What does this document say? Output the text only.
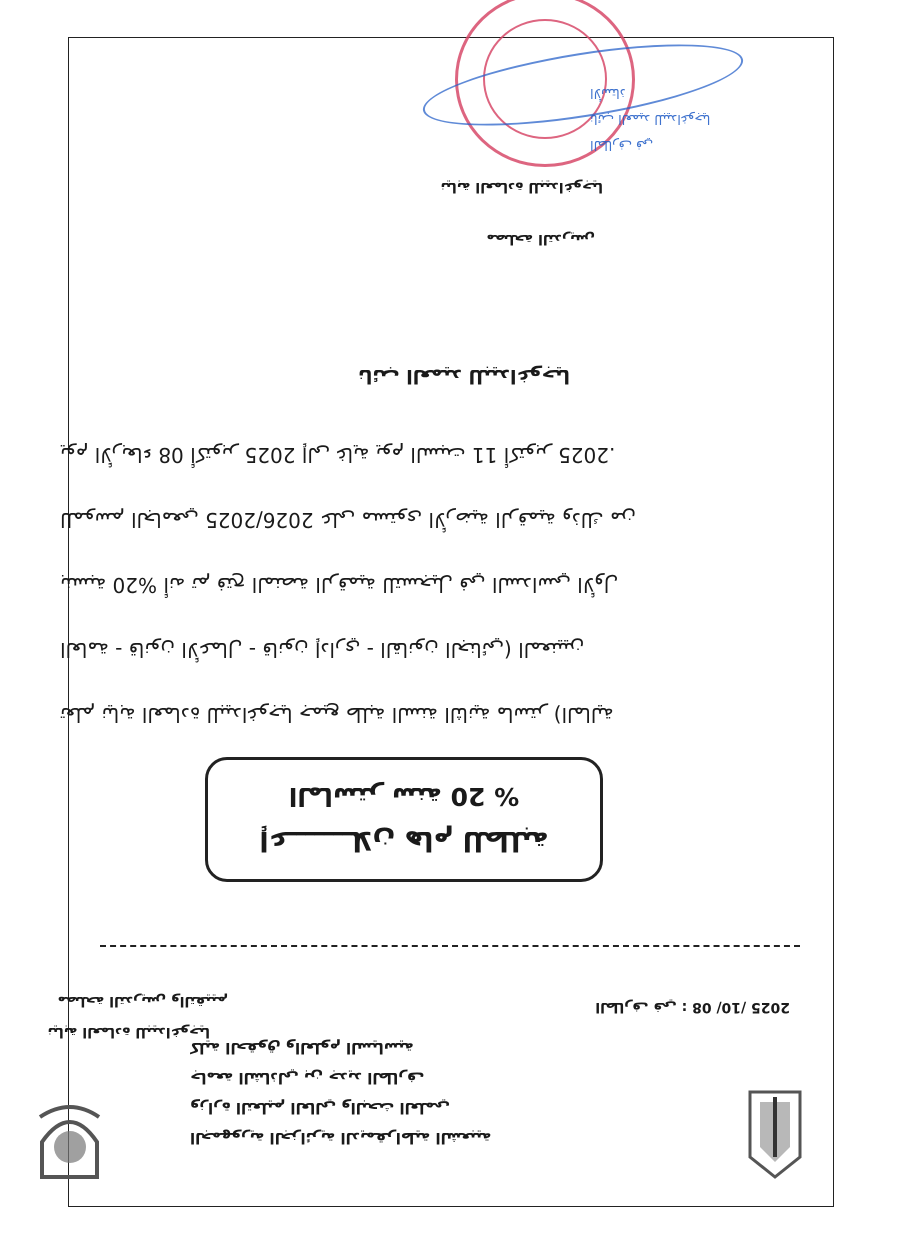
الجمهورية الجزائرية الديمقراطية الشعبية
وزارة التعليم العالي والبحث العلمي
جامعة الشاذلي بن جديد الطارف
كلية الحقوق والعلوم السياسية
نيابة العمادة للبيداغوجيا
مصلحة التدريس والتقييم	الطارف في : 2025 /10/ 08
إعـــــــلان هام للطلبة
الماستر سنة 20 %
تعلم نيابة العمادة للبيداغوجيا جميع طلبة السنة الثانية ماستر (المالية
العامة - قانون الأعمال - قانون إداري - القانون الجنائي) المعنيين
بنسبة 20% أنه تم فتح المنصة الرقمية للتسجيل في السداسي الأول
للموسم الجامعي 2026/2025 على مستوى الأرضية الرقمية وذلك من
يوم الأربعاء 08 أكتوبر 2025 إلى غاية يوم السبت 11 أكتوبر 2025.
نائب العميد للبيداغوجيا
مصلحة التدريس
نيابة العمادة للبيداغوجيا
الطارف في
نائب العميد للبيداغوجيا
الأستاذ
